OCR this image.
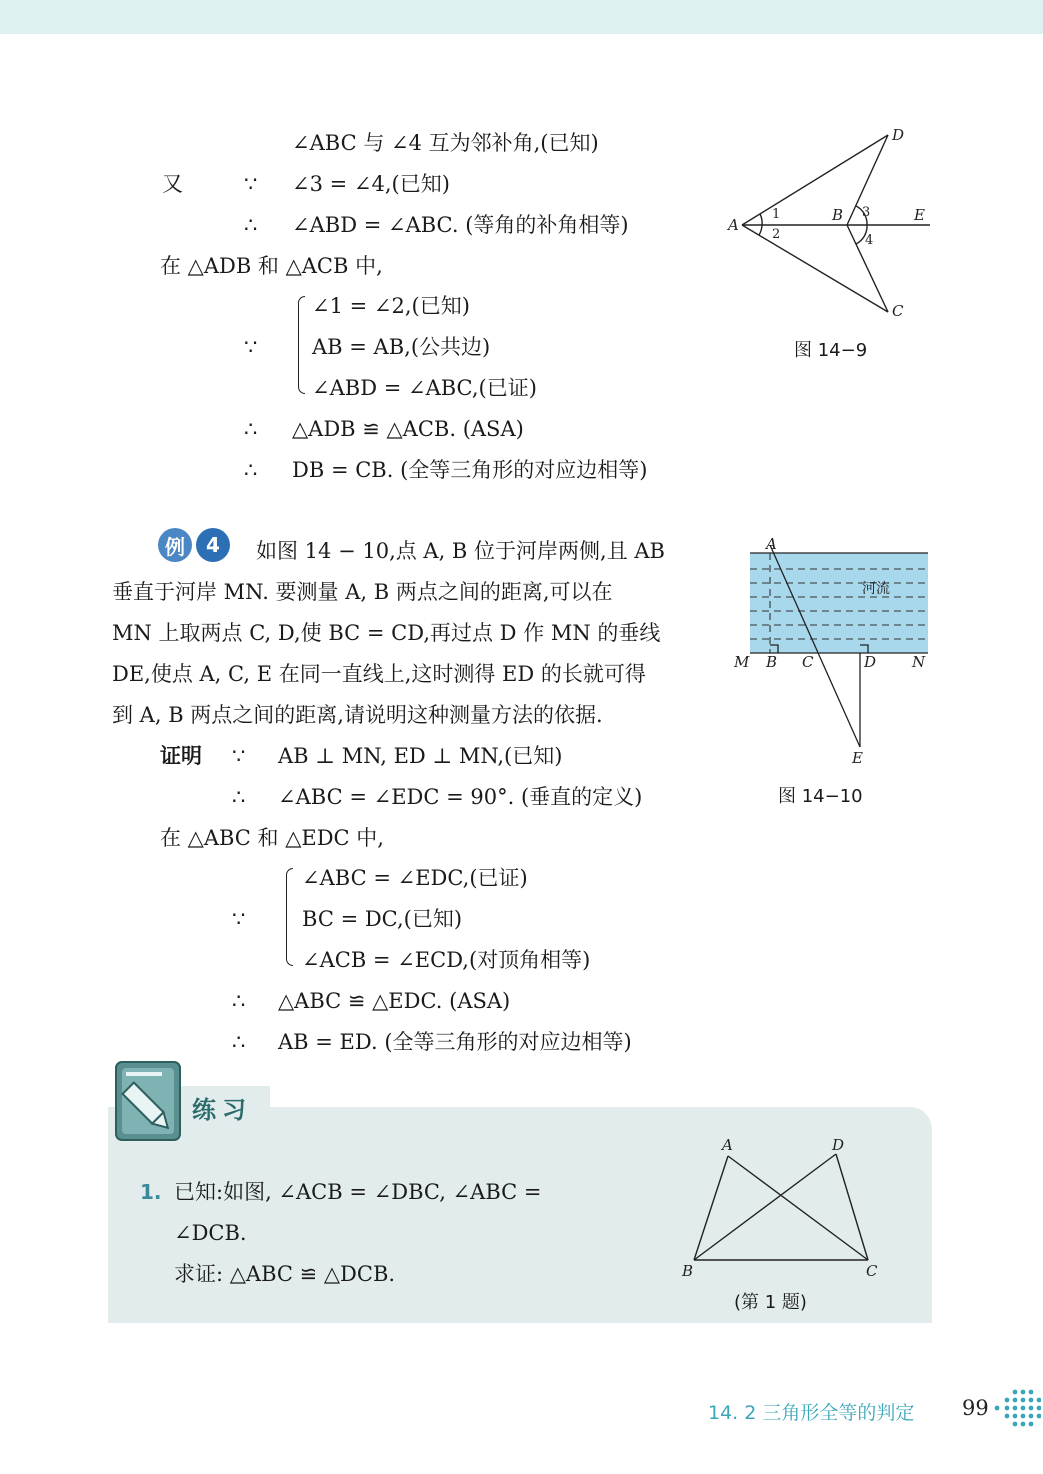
∠ABC 与 ∠4 互为邻补角,(已知)
又	∵ ∠3 = ∠4,(已知)
∴ ∠ABD = ∠ABC. (等角的补角相等)
在 △ADB 和 △ACB 中,
∵
∠1 = ∠2,(已知)
AB = AB,(公共边)
∠ABD = ∠ABC,(已证)
∴ △ADB ≌ △ACB. (ASA)
∴ DB = CB. (全等三角形的对应边相等)
A
B
C
D
E
1
2
3
4
图 14−9
例	4	如图 14 − 10,点 A, B 位于河岸两侧,且 AB
垂直于河岸 MN. 要测量 A, B 两点之间的距离,可以在
MN 上取两点 C, D,使 BC = CD,再过点 D 作 MN 的垂线
DE,使点 A, C, E 在同一直线上,这时测得 ED 的长就可得
到 A, B 两点之间的距离,请说明这种测量方法的依据.
证明 ∵ AB ⊥ MN, ED ⊥ MN,(已知)
∴ ∠ABC = ∠EDC = 90°. (垂直的定义)
在 △ABC 和 △EDC 中,
∵
∠ABC = ∠EDC,(已证)
BC = DC,(已知)
∠ACB = ∠ECD,(对顶角相等)
∴ △ABC ≌ △EDC. (ASA)
∴ AB = ED. (全等三角形的对应边相等)
河流
A
M B C	D N
E
图 14−10
练习
1. 已知:如图, ∠ACB = ∠DBC, ∠ABC =
∠DCB.
求证: △ABC ≌ △DCB.
A	D
B	C
(第 1 题)
14. 2 三角形全等的判定 99
